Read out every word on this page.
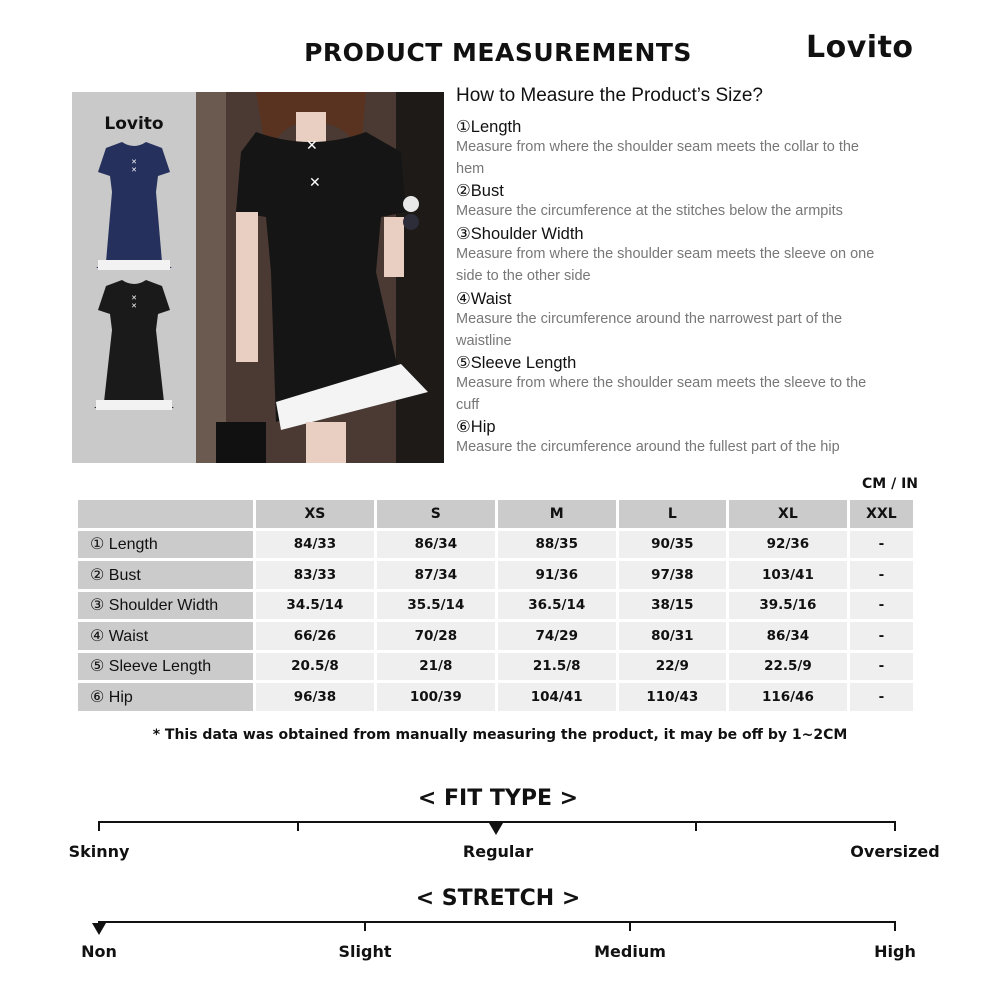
PRODUCT MEASUREMENTS	Lovito
Lovito
✕
✕
✕
✕
✕
✕
How to Measure the Product’s Size?
①Length
Measure from where the shoulder seam meets the collar to the hem
②Bust
Measure the circumference at the stitches below the armpits
③Shoulder Width
Measure from where the shoulder seam meets the sleeve on one side to the other side
④Waist
Measure the circumference around the narrowest part of the waistline
⑤Sleeve Length
Measure from where the shoulder seam meets the sleeve to the cuff
⑥Hip
Measure the circumference around the fullest part of the hip
CM / IN
	XS	S	M	L	XL	XXL
① Length	84/33	86/34	88/35	90/35	92/36	-
② Bust	83/33	87/34	91/36	97/38	103/41	-
③ Shoulder Width	34.5/14	35.5/14	36.5/14	38/15	39.5/16	-
④ Waist	66/26	70/28	74/29	80/31	86/34	-
⑤ Sleeve Length	20.5/8	21/8	21.5/8	22/9	22.5/9	-
⑥ Hip	96/38	100/39	104/41	110/43	116/46	-
* This data was obtained from manually measuring the product, it may be off by 1~2CM
< FIT TYPE >
Skinny	Regular	Oversized
< STRETCH >
Non	Slight	Medium	High
